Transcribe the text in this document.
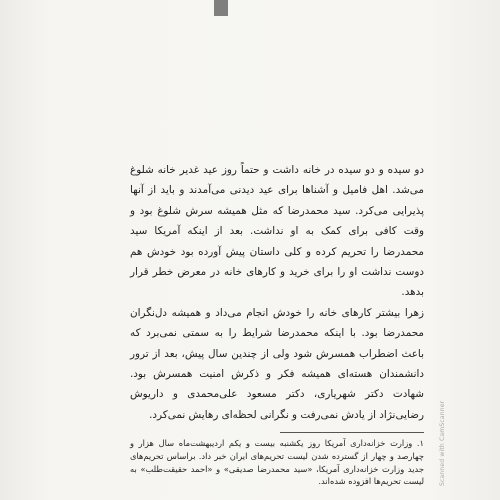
دو سیده و دو سیده در خانه داشت و حتماً روز عید غدیر خانه شلوغ می‌شد. اهل فامیل و آشناها برای عید دیدنی می‌آمدند و باید از آنها پذیرایی می‌کرد. سید محمدرضا که مثل همیشه سرش شلوغ بود و وقت کافی برای کمک به او نداشت. بعد از اینکه آمریکا سید محمدرضا را تحریم کرده و کلی داستان پیش آورده بود خودش هم دوست نداشت او را برای خرید و کارهای خانه در معرض خطر قرار بدهد.

زهرا بیشتر کارهای خانه را خودش انجام می‌داد و همیشه دل‌نگران محمدرضا بود. با اینکه محمدرضا شرایط را به سمتی نمی‌برد که باعث اضطراب همسرش شود ولی از چندین سال پیش، بعد از ترور دانشمندان هسته‌ای همیشه فکر و ذکرش امنیت همسرش بود. شهادت دکتر شهریاری، دکتر مسعود علی‌محمدی و داریوش رضایی‌نژاد از یادش نمی‌رفت و نگرانی لحظه‌ای رهایش نمی‌کرد.

۱. وزارت خزانه‌داری آمریکا روز یکشنبه بیست و یکم اردیبهشت‌ماه سال هزار و چهارصد و چهار از گسترده شدن لیست تحریم‌های ایران خبر داد. براساس تحریم‌های جدید وزارت خزانه‌داری آمریکا، «سید محمدرضا صدیقی» و «احمد حقیقت‌طلب» به لیست تحریم‌ها افزوده شده‌اند.	Scanned with CamScanner
